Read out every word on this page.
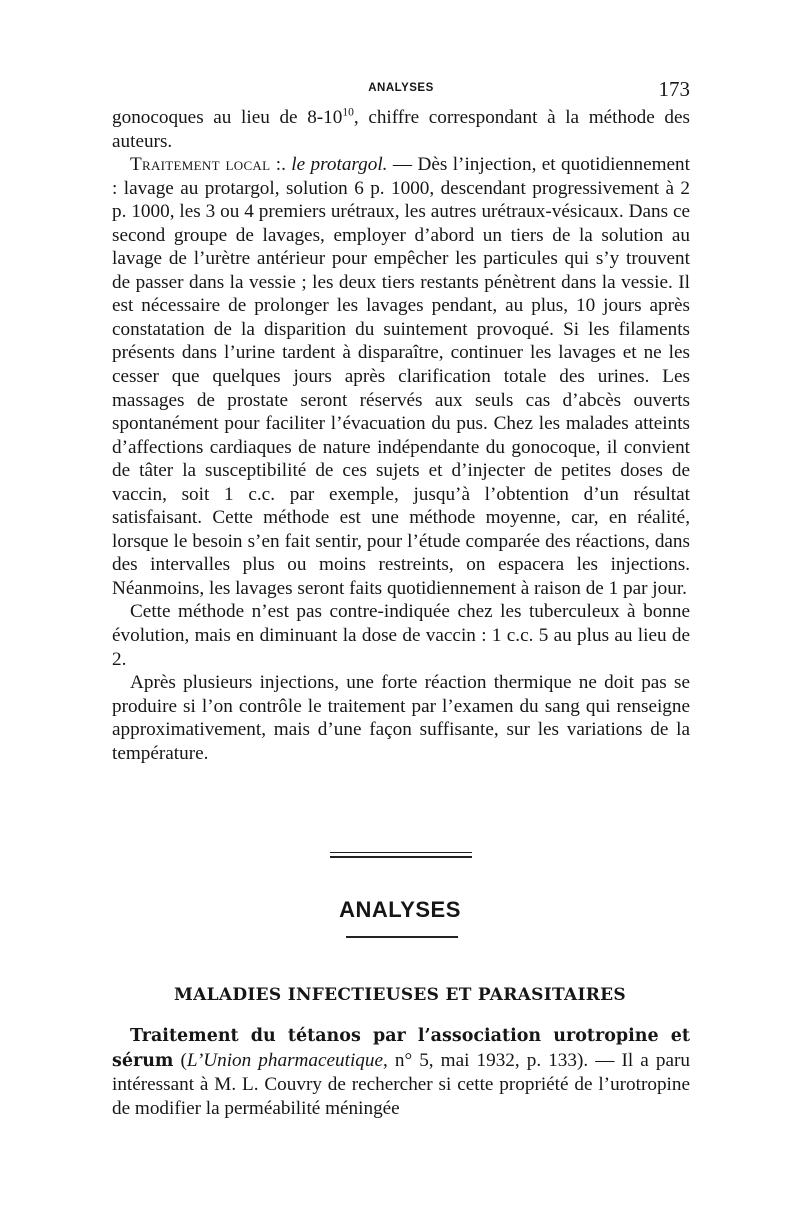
ANALYSES	173

gonocoques au lieu de $8-10^{10}$, chiffre correspondant à la méthode des auteurs.

Traitement local :. le protargol. — Dès l’injection, et quotidiennement : lavage au protargol, solution 6 p. 1000, descendant progressivement à 2 p. 1000, les 3 ou 4 premiers urétraux, les autres urétraux-vésicaux. Dans ce second groupe de lavages, employer d’abord un tiers de la solution au lavage de l’urètre antérieur pour empêcher les particules qui s’y trouvent de passer dans la vessie ; les deux tiers restants pénètrent dans la vessie. Il est nécessaire de prolonger les lavages pendant, au plus, 10 jours après constatation de la disparition du suintement provoqué. Si les filaments présents dans l’urine tardent à disparaître, continuer les lavages et ne les cesser que quelques jours après clarification totale des urines. Les massages de prostate seront réservés aux seuls cas d’abcès ouverts spontanément pour faciliter l’évacuation du pus. Chez les malades atteints d’affections cardiaques de nature indépendante du gonocoque, il convient de tâter la susceptibilité de ces sujets et d’injecter de petites doses de vaccin, soit 1 c.c. par exemple, jusqu’à l’obtention d’un résultat satisfaisant. Cette méthode est une méthode moyenne, car, en réalité, lorsque le besoin s’en fait sentir, pour l’étude comparée des réactions, dans des intervalles plus ou moins restreints, on espacera les injections. Néanmoins, les lavages seront faits quotidiennement à raison de 1 par jour.

Cette méthode n’est pas contre-indiquée chez les tuberculeux à bonne évolution, mais en diminuant la dose de vaccin : 1 c.c. 5 au plus au lieu de 2.

Après plusieurs injections, une forte réaction thermique ne doit pas se produire si l’on contrôle le traitement par l’examen du sang qui renseigne approximativement, mais d’une façon suffisante, sur les variations de la température.

ANALYSES
MALADIES INFECTIEUSES ET PARASITAIRES

Traitement du tétanos par l’association urotropine et sérum (L’Union pharmaceutique, n° 5, mai 1932, p. 133). — Il a paru intéressant à M. L. Couvry de rechercher si cette propriété de l’urotropine de modifier la perméabilité méningée
